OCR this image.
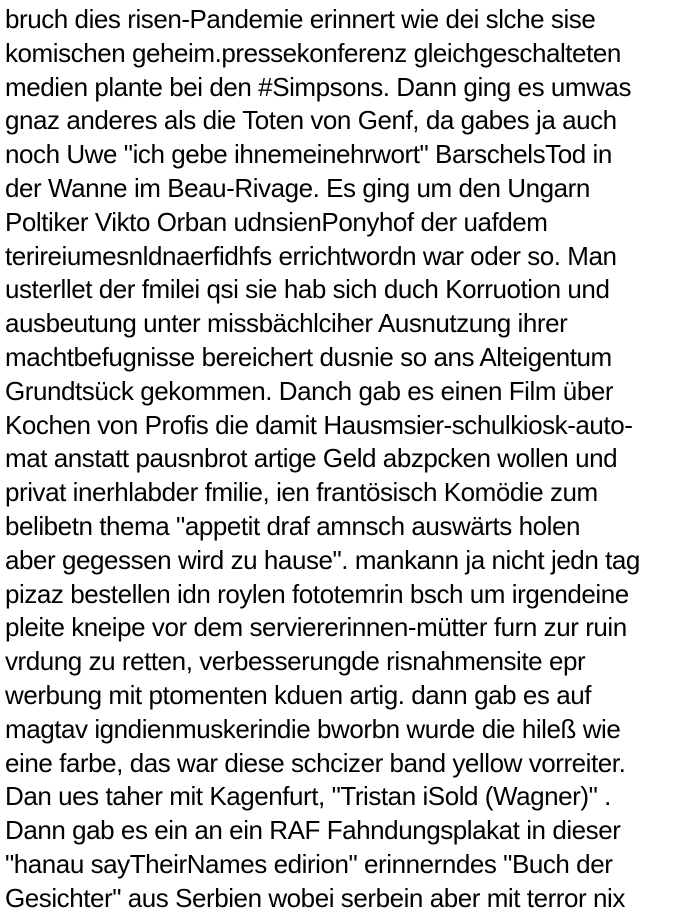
bruch dies risen-Pandemie erinnert wie dei slche sise
komischen geheim.pressekonferenz gleichgeschalteten
medien plante bei den #Simpsons. Dann ging es umwas
gnaz anderes als die Toten von Genf, da gabes ja auch
noch Uwe "ich gebe ihnemeinehrwort" BarschelsTod in
der Wanne im Beau-Rivage. Es ging um den Ungarn
Poltiker Vikto Orban udnsienPonyhof der uafdem
terireiumesnldnaerfidhfs errichtwordn war oder so. Man
usterllet der fmilei qsi sie hab sich duch Korruotion und
ausbeutung unter missbächlciher Ausnutzung ihrer
machtbefugnisse bereichert dusnie so ans Alteigentum
Grundtsück gekommen. Danch gab es einen Film über
Kochen von Profis die damit Hausmsier-schulkiosk-auto-
mat anstatt pausnbrot artige Geld abzpcken wollen und
privat inerhlabder fmilie, ien frantösisch Komödie zum
belibetn thema "appetit draf amnsch auswärts holen
aber gegessen wird zu hause". mankann ja nicht jedn tag
pizaz bestellen idn roylen fototemrin bsch um irgendeine
pleite kneipe vor dem serviererinnen-mütter furn zur ruin
vrdung zu retten, verbesserungde risnahmensite epr
werbung mit ptomenten kduen artig. dann gab es auf
magtav igndienmuskerindie bworbn wurde die hileß wie
eine farbe, das war diese schcizer band yellow vorreiter.
Dan ues taher mit Kagenfurt, "Tristan iSold (Wagner)" .
Dann gab es ein an ein RAF Fahndungsplakat in dieser
"hanau sayTheirNames edirion" erinnerndes "Buch der
Gesichter" aus Serbien wobei serbein aber mit terror nix
